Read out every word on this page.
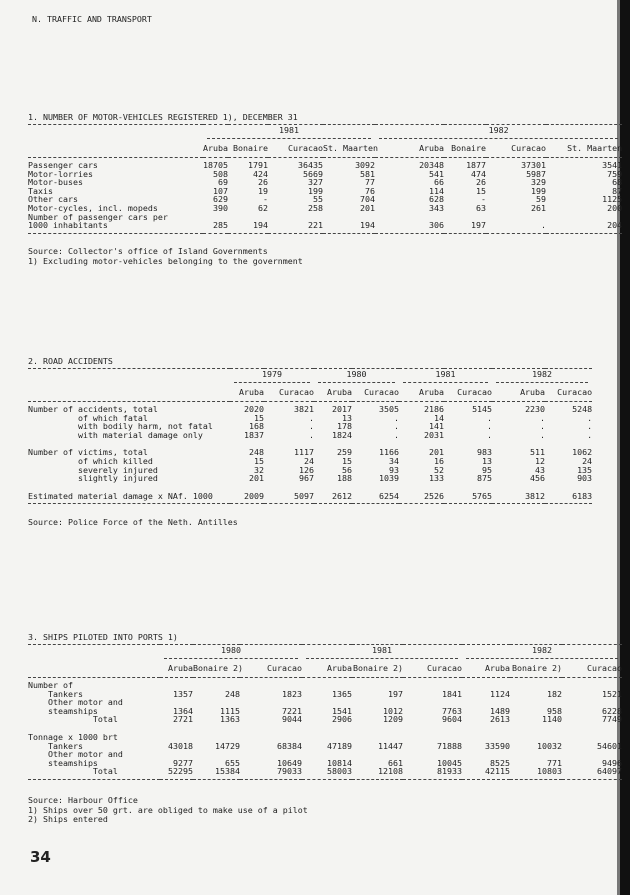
N. TRAFFIC AND TRANSPORT
1. NUMBER OF MOTOR-VEHICLES REGISTERED 1), DECEMBER 31

	1981				1982			

	Aruba	Bonaire	Curacao	St. Maarten	Aruba	Bonaire	Curacao	St. Maarten
Passenger cars	18705	1791	36435	3092	20348	1877	37301	3541
Motor-lorries	508	424	5669	581	541	474	5987	759
Motor-buses	69	26	327	77	66	26	329	68
Taxis	107	19	199	76	114	15	199	87
Other cars	629	-	55	704	628	-	59	1125
Motor-cycles, incl. mopeds	390	62	258	201	343	63	261	200
Number of passenger cars per								
1000 inhabitants	285	194	221	194	306	197	.	204
Source: Collector's office of Island Governments
1) Excluding motor-vehicles belonging to the government
2. ROAD ACCIDENTS

	1979		1980		1981		1982	

	Aruba	Curacao	Aruba	Curacao	Aruba	Curacao	Aruba	Curacao
Number of accidents, total	2020	3821	2017	3505	2186	5145	2230	5248
of which fatal	15	.	13	.	14	.	.	.
with bodily harm, not fatal	168	.	178	.	141	.	.	.
with material damage only	1837	.	1824	.	2031	.	.	.

Number of victims, total	248	1117	259	1166	201	983	511	1062
of which killed	15	24	15	34	16	13	12	24
severely injured	32	126	56	93	52	95	43	135
slightly injured	201	967	188	1039	133	875	456	903

Estimated material damage x NAf. 1000	2009	5097	2612	6254	2526	5765	3812	6183
Source: Police Force of the Neth. Antilles
3. SHIPS PILOTED INTO PORTS 1)

	1980			1981			1982		

	Aruba	Bonaire 2)	Curacao	Aruba	Bonaire 2)	Curacao	Aruba	Bonaire 2)	Curacao
Number of									
Tankers	1357	248	1823	1365	197	1841	1124	182	1521
Other motor and									
steamships	1364	1115	7221	1541	1012	7763	1489	958	6228
Total	2721	1363	9044	2906	1209	9604	2613	1140	7749

Tonnage x 1000 brt									
Tankers	43018	14729	68384	47189	11447	71888	33590	10032	54601
Other motor and									
steamships	9277	655	10649	10814	661	10045	8525	771	9496
Total	52295	15384	79033	58003	12108	81933	42115	10803	64097
Source: Harbour Office
1) Ships over 50 grt. are obliged to make use of a pilot
2) Ships entered
34
